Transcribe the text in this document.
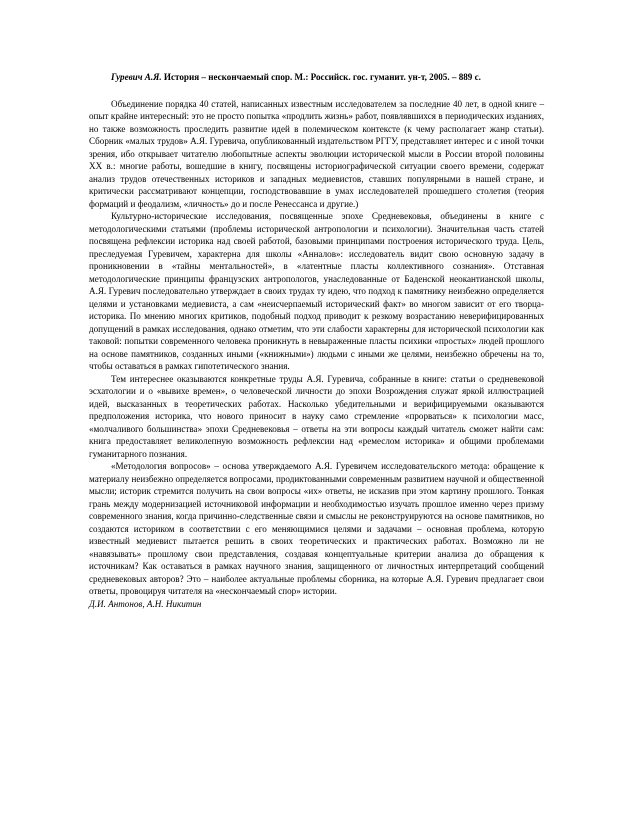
Гуревич А.Я. История – нескончаемый спор. М.: Российск. гос. гуманит. ун-т, 2005. – 889 с.

Объединение порядка 40 статей, написанных известным исследователем за последние 40 лет, в одной книге – опыт крайне интересный: это не просто попытка «продлить жизнь» работ, появлявшихся в периодических изданиях, но также возможность проследить развитие идей в полемическом контексте (к чему располагает жанр статьи). Сборник «малых трудов» А.Я. Гуревича, опубликованный издательством РГГУ, представляет интерес и с иной точки зрения, ибо открывает читателю любопытные аспекты эволюции исторической мысли в России второй половины XX в.: многие работы, вошедшие в книгу, посвящены историографической ситуации своего времени, содержат анализ трудов отечественных историков и западных медиевистов, ставших популярными в нашей стране, и критически рассматривают концепции, господствовавшие в умах исследователей прошедшего столетия (теория формаций и феодализм, «личность» до и после Ренессанса и другие.)

Культурно-исторические исследования, посвященные эпохе Средневековья, объединены в книге с методологическими статьями (проблемы исторической антропологии и психологии). Значительная часть статей посвящена рефлексии историка над своей работой, базовыми принципами построения исторического труда. Цель, преследуемая Гуревичем, характерна для школы «Анналов»: исследователь видит свою основную задачу в проникновении в «тайны ментальностей», в «латентные пласты коллективного сознания». Отставная методологические принципы французских антропологов, унаследованные от Баденской неокантианской школы, А.Я. Гуревич последовательно утверждает в своих трудах ту идею, что подход к памятнику неизбежно определяется целями и установками медиевиста, а сам «неисчерпаемый исторический факт» во многом зависит от его творца-историка. По мнению многих критиков, подобный подход приводит к резкому возрастанию неверифицированных допущений в рамках исследования, однако отметим, что эти слабости характерны для исторической психологии как таковой: попытки современного человека проникнуть в невыраженные пласты психики «простых» людей прошлого на основе памятников, созданных иными («книжными») людьми с иными же целями, неизбежно обречены на то, чтобы оставаться в рамках гипотетического знания.

Тем интереснее оказываются конкретные труды А.Я. Гуревича, собранные в книге: статьи о средневековой эсхатологии и о «вывихе времен», о человеческой личности до эпохи Возрождения служат яркой иллюстрацией идей, высказанных в теоретических работах. Насколько убедительными и верифицируемыми оказываются предположения историка, что нового приносит в науку само стремление «прорваться» к психологии масс, «молчаливого большинства» эпохи Средневековья – ответы на эти вопросы каждый читатель сможет найти сам: книга предоставляет великолепную возможность рефлексии над «ремеслом историка» и общими проблемами гуманитарного познания.

«Методология вопросов» – основа утверждаемого А.Я. Гуревичем исследовательского метода: обращение к материалу неизбежно определяется вопросами, продиктованными современным развитием научной и общественной мысли; историк стремится получить на свои вопросы «их» ответы, не исказив при этом картину прошлого. Тонкая грань между модернизацией источниковой информации и необходимостью изучать прошлое именно через призму современного знания, когда причинно-следственные связи и смыслы не реконструируются на основе памятников, но создаются историком в соответствии с его меняющимися целями и задачами – основная проблема, которую известный медиевист пытается решить в своих теоретических и практических работах. Возможно ли не «навязывать» прошлому свои представления, создавая концептуальные критерии анализа до обращения к источникам? Как оставаться в рамках научного знания, защищенного от личностных интерпретаций сообщений средневековых авторов? Это – наиболее актуальные проблемы сборника, на которые А.Я. Гуревич предлагает свои ответы, провоцируя читателя на «нескончаемый спор» истории.

Д.И. Антонов, А.Н. Никитин
